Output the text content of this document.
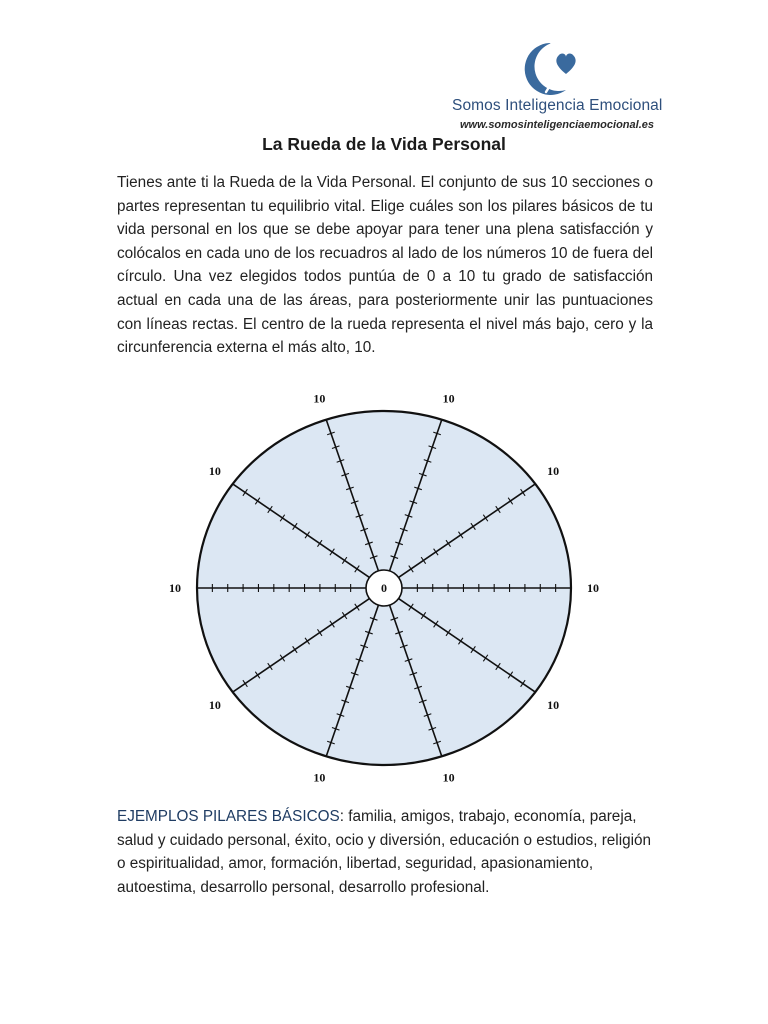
Somos Inteligencia Emocional
www.somosinteligenciaemocional.es
La Rueda de la Vida Personal
Tienes ante ti la Rueda de la Vida Personal. El conjunto de sus 10 secciones o partes representan tu equilibrio vital. Elige cuáles son los pilares básicos de tu vida personal en los que se debe apoyar para tener una plena satisfacción y colócalos en cada uno de los recuadros al lado de los números 10 de fuera del círculo. Una vez elegidos todos puntúa de 0 a 10 tu grado de satisfacción actual en cada una de las áreas, para posteriormente unir las puntuaciones con líneas rectas. El centro de la rueda representa el nivel más bajo, cero y la circunferencia externa el más alto, 10.
10	10
10
10
10
10
10
10
10
10
0
EJEMPLOS PILARES BÁSICOS: familia, amigos, trabajo, economía, pareja, salud y cuidado personal, éxito, ocio y diversión, educación o estudios, religión o espiritualidad, amor, formación, libertad, seguridad, apasionamiento, autoestima, desarrollo personal, desarrollo profesional.
